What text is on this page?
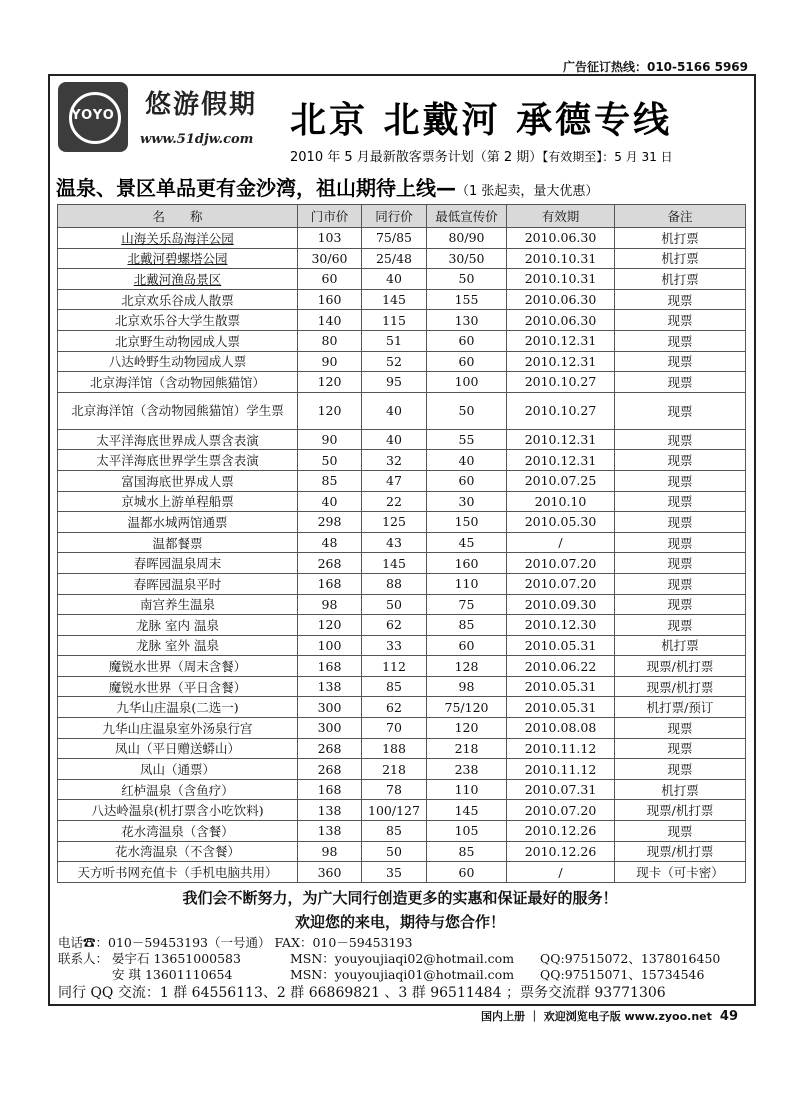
广告征订热线：010-5166 5969
YOYO	悠游假期
www.51djw.com 北京 北戴河 承德专线
2010 年 5 月最新散客票务计划（第 2 期）【有效期至】：5 月 31 日
温泉、景区单品更有金沙湾，祖山期待上线—（1 张起卖，量大优惠）
名　　称	门市价	同行价	最低宣传价	有效期	备注
山海关乐岛海洋公园	103	75/85	80/90	2010.06.30	机打票
北戴河碧螺塔公园	30/60	25/48	30/50	2010.10.31	机打票
北戴河渔岛景区	60	40	50	2010.10.31	机打票
北京欢乐谷成人散票	160	145	155	2010.06.30	现票
北京欢乐谷大学生散票	140	115	130	2010.06.30	现票
北京野生动物园成人票	80	51	60	2010.12.31	现票
八达岭野生动物园成人票	90	52	60	2010.12.31	现票
北京海洋馆（含动物园熊猫馆）	120	95	100	2010.10.27	现票
北京海洋馆（含动物园熊猫馆）学生票	120	40	50	2010.10.27	现票
太平洋海底世界成人票含表演	90	40	55	2010.12.31	现票
太平洋海底世界学生票含表演	50	32	40	2010.12.31	现票
富国海底世界成人票	85	47	60	2010.07.25	现票
京城水上游单程船票	40	22	30	2010.10	现票
温都水城两馆通票	298	125	150	2010.05.30	现票
温都餐票	48	43	45	/	现票
春晖园温泉周末	268	145	160	2010.07.20	现票
春晖园温泉平时	168	88	110	2010.07.20	现票
南宫养生温泉	98	50	75	2010.09.30	现票
龙脉 室内 温泉	120	62	85	2010.12.30	现票
龙脉 室外 温泉	100	33	60	2010.05.31	机打票
魔锐水世界（周末含餐）	168	112	128	2010.06.22	现票/机打票
魔锐水世界（平日含餐）	138	85	98	2010.05.31	现票/机打票
九华山庄温泉(二选一)	300	62	75/120	2010.05.31	机打票/预订
九华山庄温泉室外汤泉行宫	300	70	120	2010.08.08	现票
凤山（平日赠送蟒山）	268	188	218	2010.11.12	现票
凤山（通票）	268	218	238	2010.11.12	现票
红栌温泉（含鱼疗）	168	78	110	2010.07.31	机打票
八达岭温泉(机打票含小吃饮料)	138	100/127	145	2010.07.20	现票/机打票
花水湾温泉（含餐）	138	85	105	2010.12.26	现票
花水湾温泉（不含餐）	98	50	85	2010.12.26	现票/机打票
天方听书网充值卡（手机电脑共用）	360	35	60	/	现卡（可卡密）
我们会不断努力，为广大同行创造更多的实惠和保证最好的服务！
欢迎您的来电，期待与您合作！
电话☎：010－59453193（一号通） FAX：010－59453193
联系人： 晏宇石 13651000583	MSN：youyoujiaqi02@hotmail.com QQ:97515072、1378016450
安 琪 13601110654	MSN：youyoujiaqi01@hotmail.com QQ:97515071、15734546
同行 QQ 交流：1 群 64556113、2 群 66869821 、3 群 96511484 ；票务交流群 93771306
国内上册 ｜ 欢迎浏览电子版 www.zyoo.net 49
